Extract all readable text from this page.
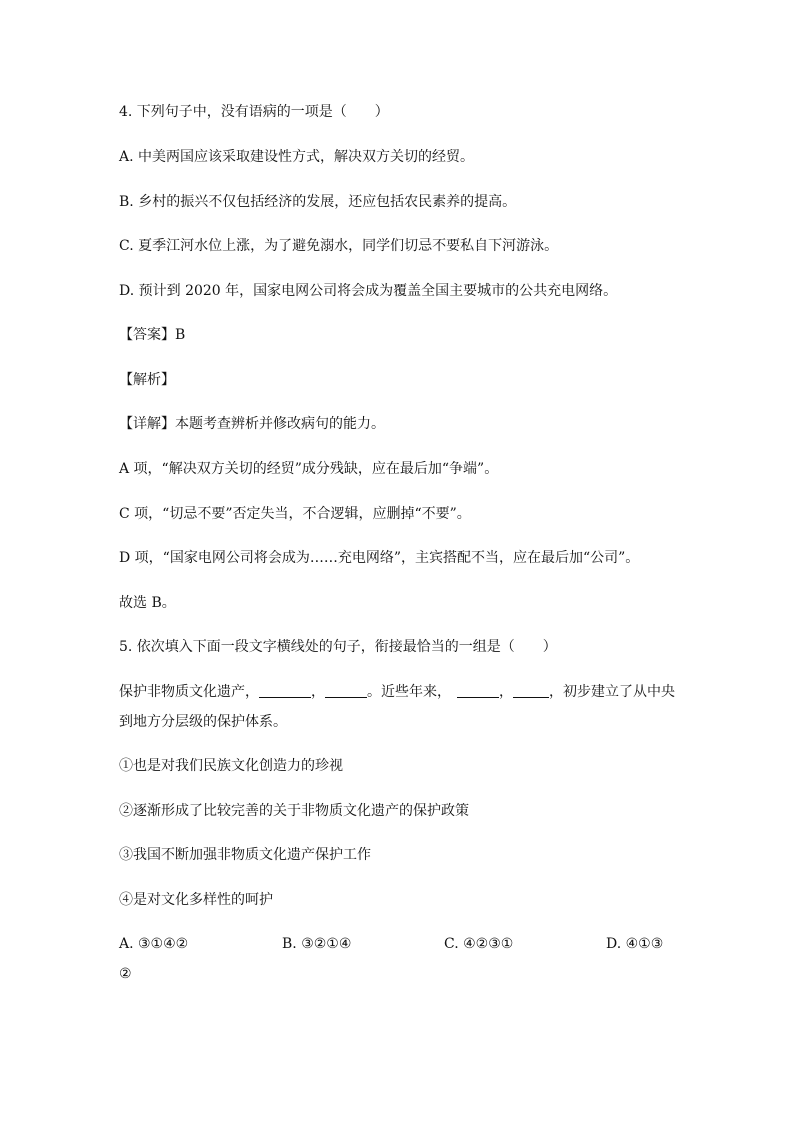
4. 下列句子中，没有语病的一项是（　　）
A. 中美两国应该采取建设性方式，解决双方关切的经贸。
B. 乡村的振兴不仅包括经济的发展，还应包括农民素养的提高。
C. 夏季江河水位上涨，为了避免溺水，同学们切忌不要私自下河游泳。
D. 预计到 2020 年，国家电网公司将会成为覆盖全国主要城市的公共充电网络。
【答案】B
【解析】
【详解】本题考查辨析并修改病句的能力。
A 项，“解决双方关切的经贸”成分残缺，应在最后加“争端”。
C 项，“切忌不要”否定失当，不合逻辑，应删掉“不要”。
D 项，“国家电网公司将会成为……充电网络”，主宾搭配不当，应在最后加“公司”。
故选 B。
5. 依次填入下面一段文字横线处的句子，衔接最恰当的一组是（　　）
保护非物质文化遗产，	，	。近些年来，	，	，初步建立了从中央
到地方分层级的保护体系。
①也是对我们民族文化创造力的珍视
②逐渐形成了比较完善的关于非物质文化遗产的保护政策
③我国不断加强非物质文化遗产保护工作
④是对文化多样性的呵护
A. ③①④②	B. ③②①④	C. ④②③①	D. ④①③
②
